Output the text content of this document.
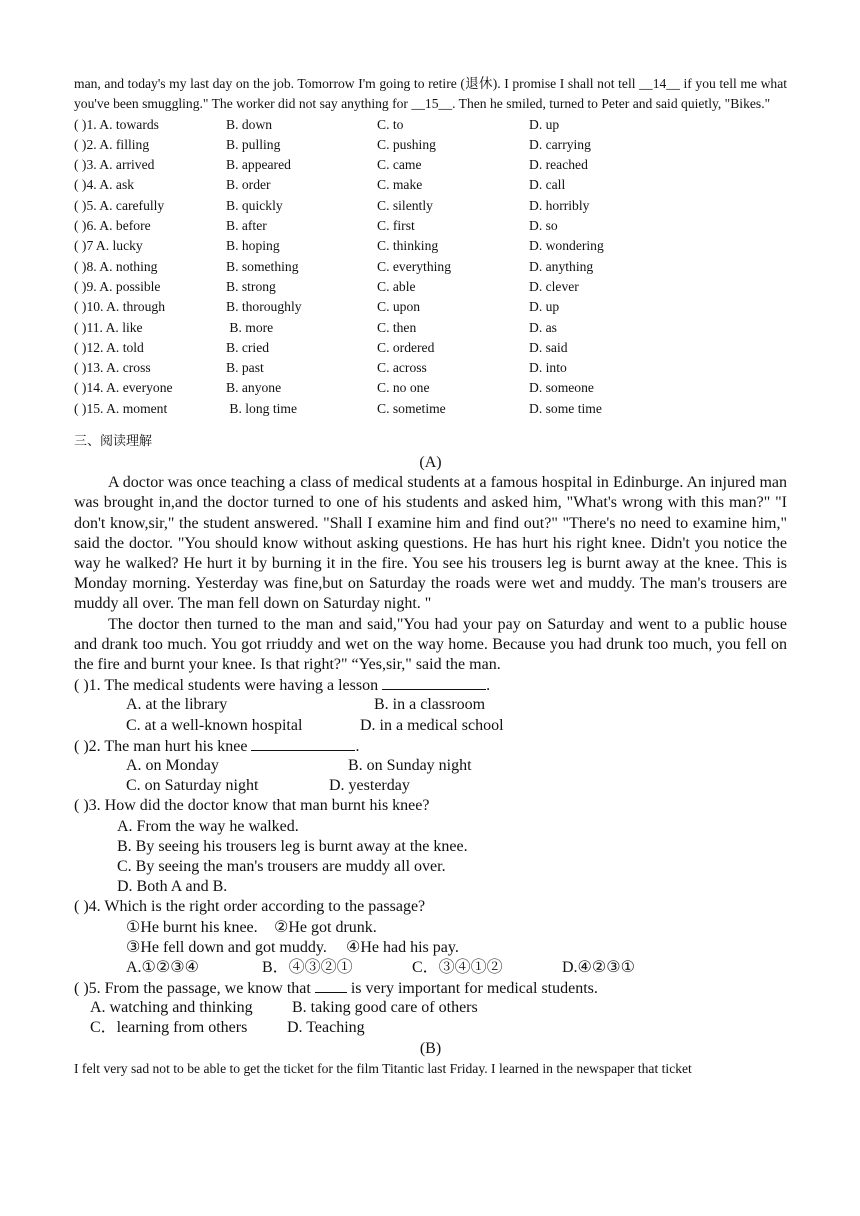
man, and today's my last day on the job. Tomorrow I'm going to retire (退休). I promise I shall not tell __14__ if you tell me what you've been smuggling." The worker did not say anything for __15__. Then he smiled, turned to Peter and said quietly, "Bikes."

( )1. A. towards	B. down	C. to	D. up
( )2. A. filling	B. pulling	C. pushing	D. carrying
( )3. A. arrived	B. appeared	C. came	D. reached
( )4. A. ask	B. order	C. make	D. call
( )5. A. carefully	B. quickly	C. silently	D. horribly
( )6. A. before	B. after	C. first	D. so
( )7 A. lucky	B. hoping	C. thinking	D. wondering
( )8. A. nothing	B. something	C. everything	D. anything
( )9. A. possible	B. strong	C. able	D. clever
( )10. A. through	B. thoroughly	C. upon	D. up
( )11. A. like	B. more	C. then	D. as
( )12. A. told	B. cried	C. ordered	D. said
( )13. A. cross	B. past	C. across	D. into
( )14. A. everyone	B. anyone	C. no one	D. someone
( )15. A. moment	B. long time	C. sometime	D. some time
三、阅读理解
(A)

A doctor was once teaching a class of medical students at a famous hospital in Edinburge. An injured man was brought in,and the doctor turned to one of his students and asked him, "What's wrong with this man?" "I don't know,sir," the student answered. "Shall I examine him and find out?" "There's no need to examine him," said the doctor. "You should know without asking questions. He has hurt his right knee. Didn't you notice the way he walked? He hurt it by burning it in the fire. You see his trousers leg is burnt away at the knee. This is Monday morning. Yesterday was fine,but on Saturday the roads were wet and muddy. The man's trousers are muddy all over. The man fell down on Saturday night. "

The doctor then turned to the man and said,"You had your pay on Saturday and went to a public house and drank too much. You got rriuddy and wet on the way home. Because you had drunk too much, you fell on the fire and burnt your knee. Is that right?" “Yes,sir," said the man.

( )1. The medical students were having a lesson	.
A. at the library	B. in a classroom
C. at a well-known hospital	D. in a medical school
( )2. The man hurt his knee	.
A. on Monday	B. on Sunday night
C. on Saturday night	D. yesterday
( )3. How did the doctor know that man burnt his knee?
A. From the way he walked.
B. By seeing his trousers leg is burnt away at the knee.
C. By seeing the man's trousers are muddy all over.
D. Both A and B.
( )4. Which is the right order according to the passage?
①He burnt his knee. ②He got drunk.
③He fell down and got muddy. ④He had his pay.
A.①②③④	B．④③②①	C．③④①②	D.④②③①
( )5. From the passage, we know that	is very important for medical students.
A. watching and thinking B. taking good care of others
C．learning from others D. Teaching
(B)

I felt very sad not to be able to get the ticket for the film Titantic last Friday. I learned in the newspaper that ticket
